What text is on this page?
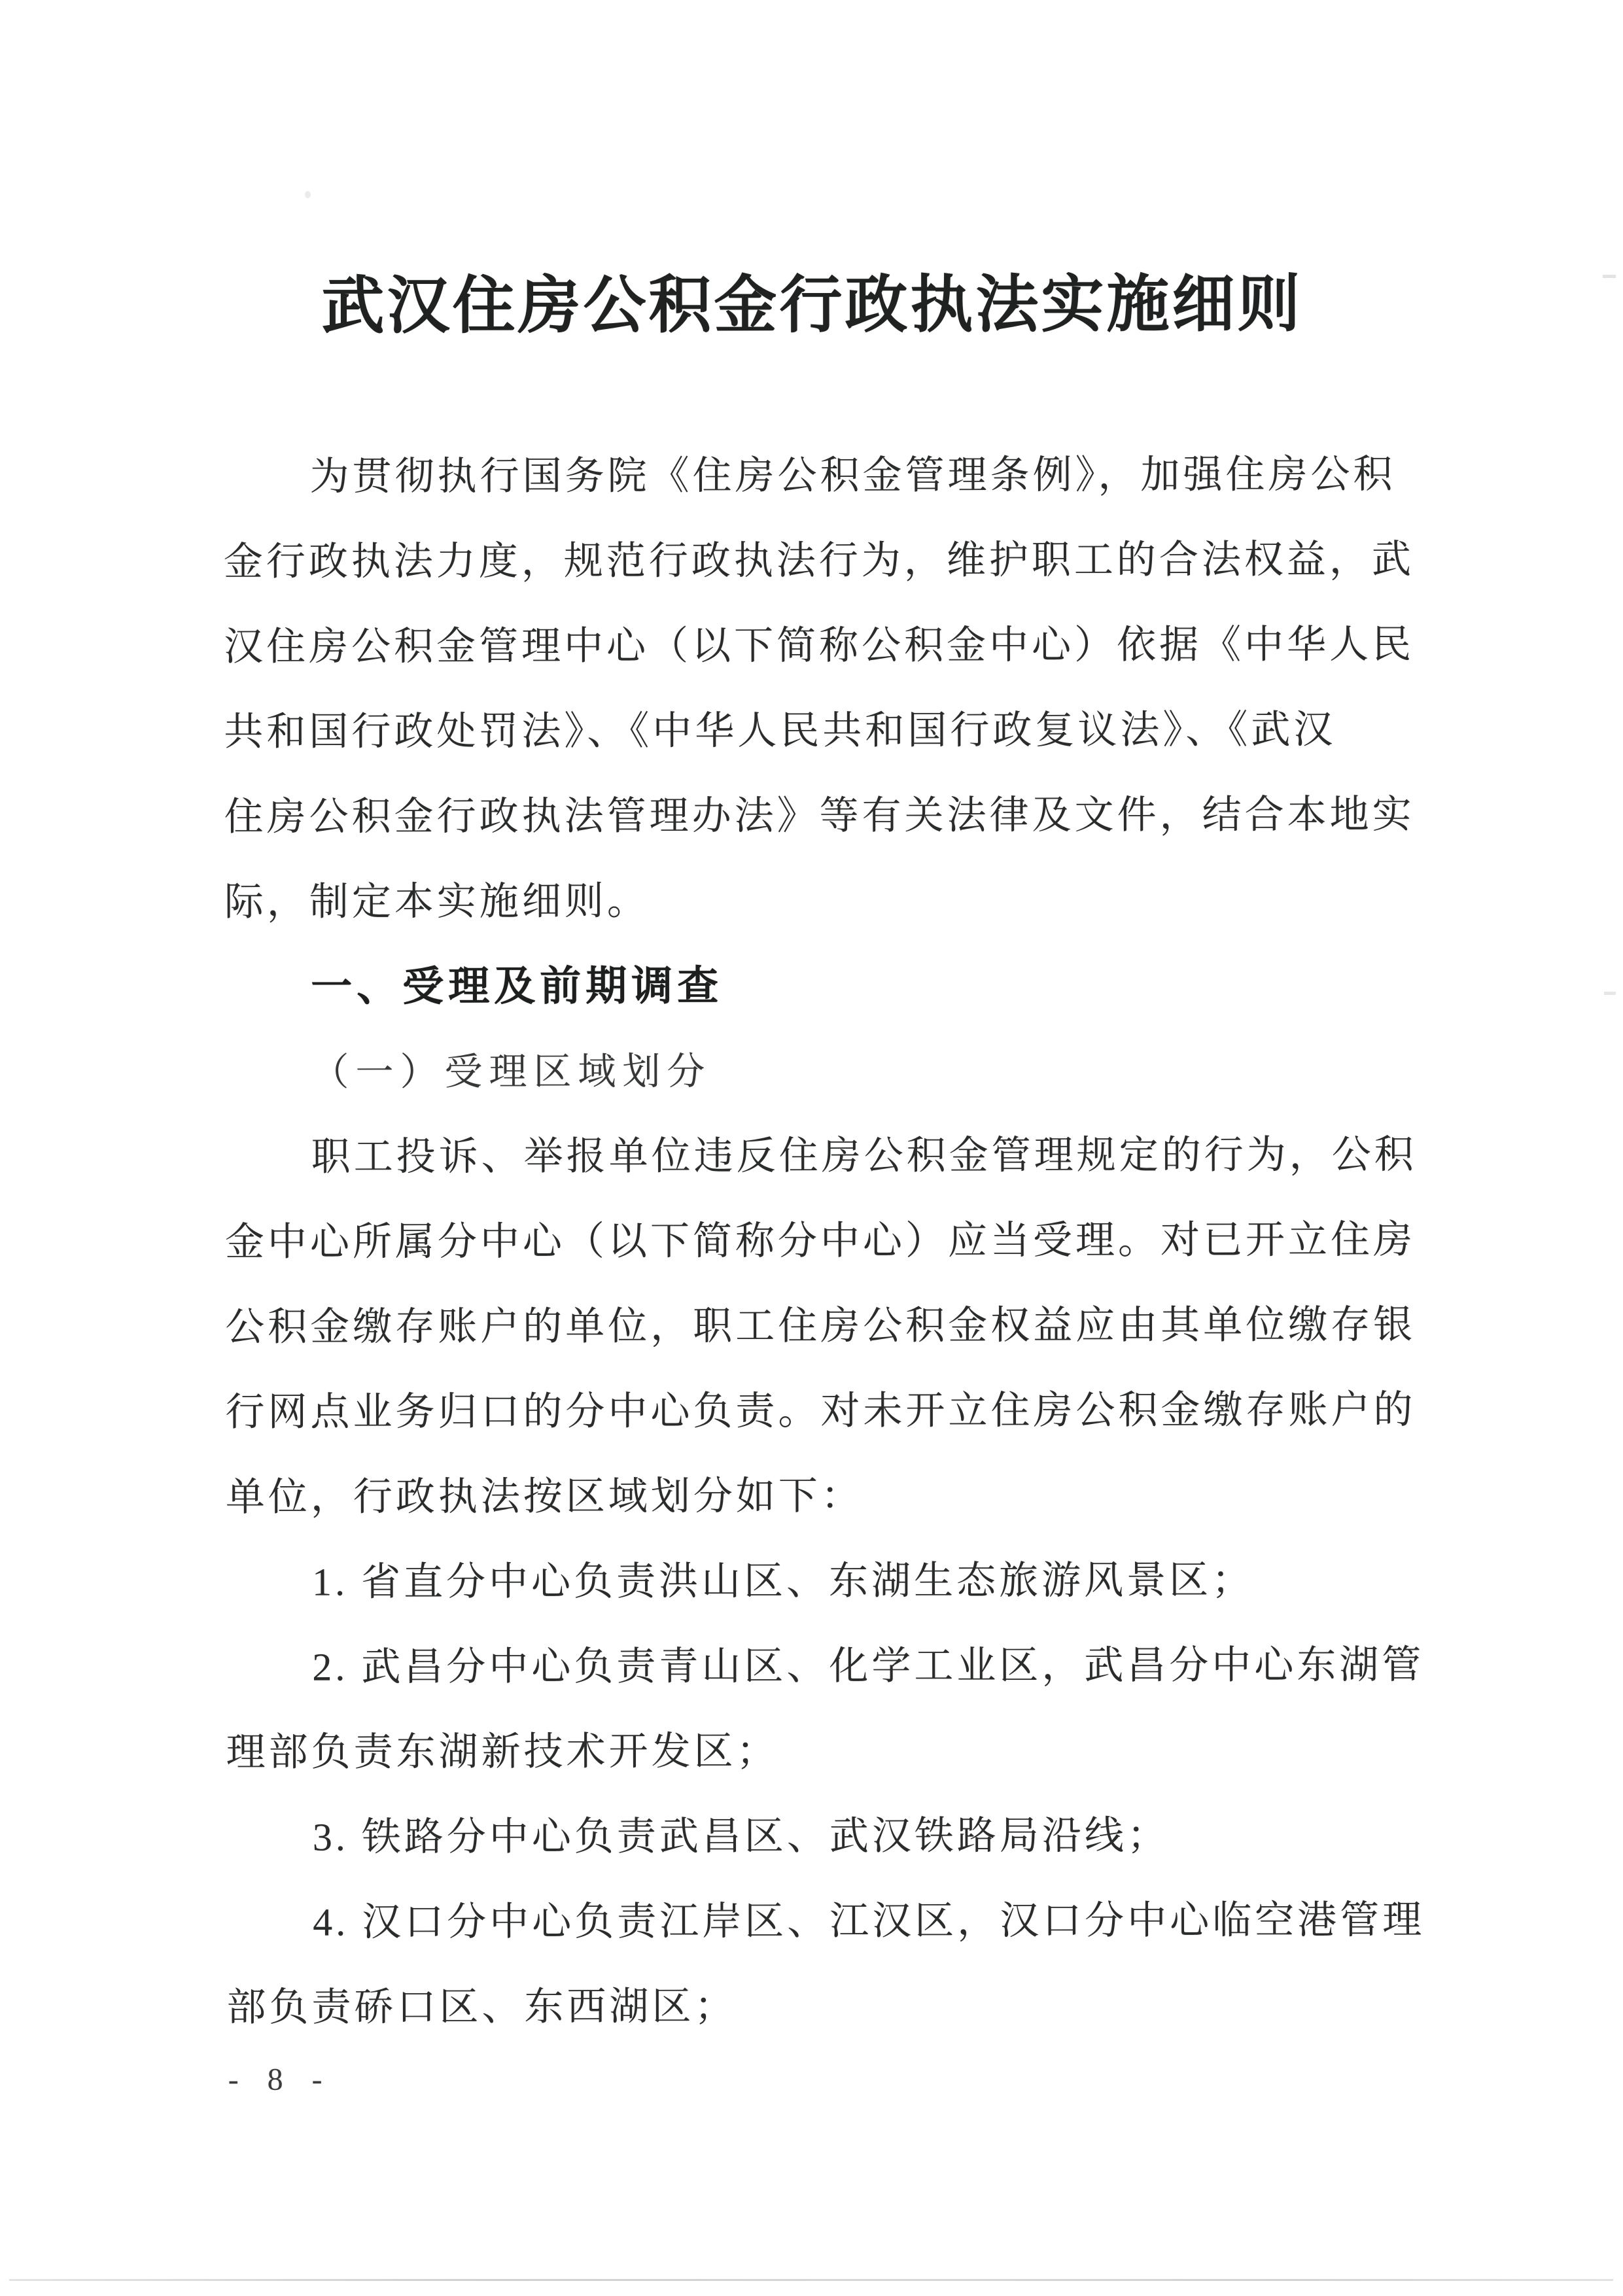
武汉住房公积金行政执法实施细则
为贯彻执行国务院《住房公积金管理条例》，加强住房公积
金行政执法力度，规范行政执法行为，维护职工的合法权益，武
汉住房公积金管理中心（以下简称公积金中心）依据《中华人民
共和国行政处罚法》、《中华人民共和国行政复议法》、《武汉
住房公积金行政执法管理办法》等有关法律及文件，结合本地实
际，制定本实施细则。
一、受理及前期调查
（一）受理区域划分
职工投诉、举报单位违反住房公积金管理规定的行为，公积
金中心所属分中心（以下简称分中心）应当受理。对已开立住房
公积金缴存账户的单位，职工住房公积金权益应由其单位缴存银
行网点业务归口的分中心负责。对未开立住房公积金缴存账户的
单位，行政执法按区域划分如下：
1. 省直分中心负责洪山区、东湖生态旅游风景区；
2. 武昌分中心负责青山区、化学工业区，武昌分中心东湖管
理部负责东湖新技术开发区；
3. 铁路分中心负责武昌区、武汉铁路局沿线；
4. 汉口分中心负责江岸区、江汉区，汉口分中心临空港管理
部负责硚口区、东西湖区；
- 8 -
